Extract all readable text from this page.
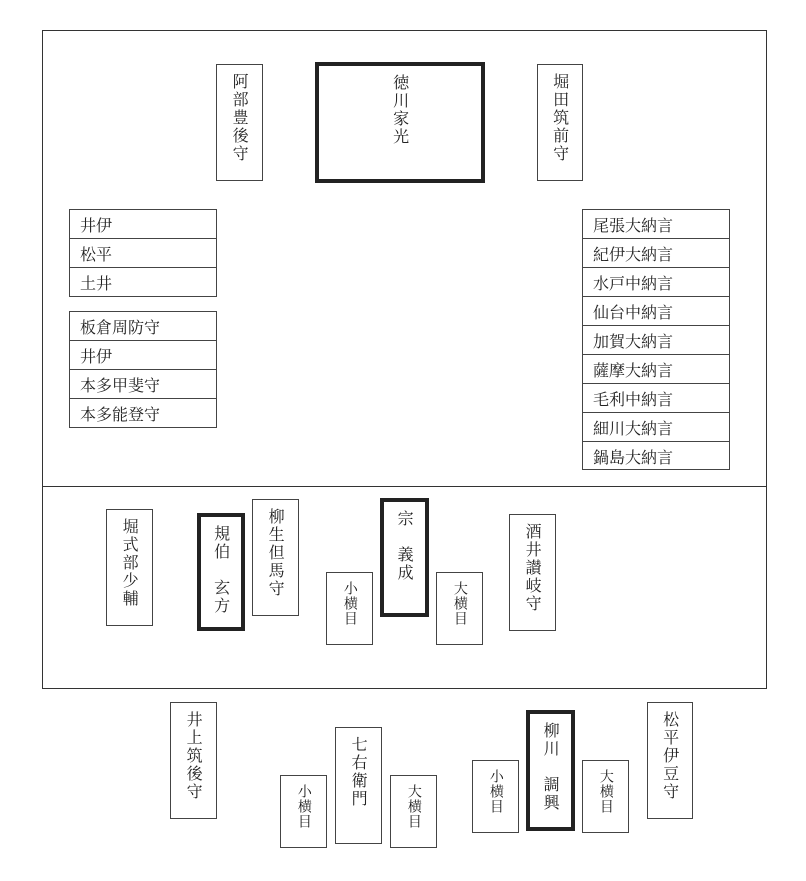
阿部豊後守	徳川家光	堀田筑前守
井伊
松平
土井
板倉周防守
井伊
本多甲斐守
本多能登守
尾張大納言
紀伊大納言
水戸中納言
仙台中納言
加賀大納言
薩摩大納言
毛利中納言
細川大納言
鍋島大納言
堀式部少輔	規伯　玄方 柳生但馬守
小横目
宗　義成
大横目	酒井讃岐守
井上筑後守
小横目 七右衛門	大横目	小横目 柳川　調興	大横目	松平伊豆守
